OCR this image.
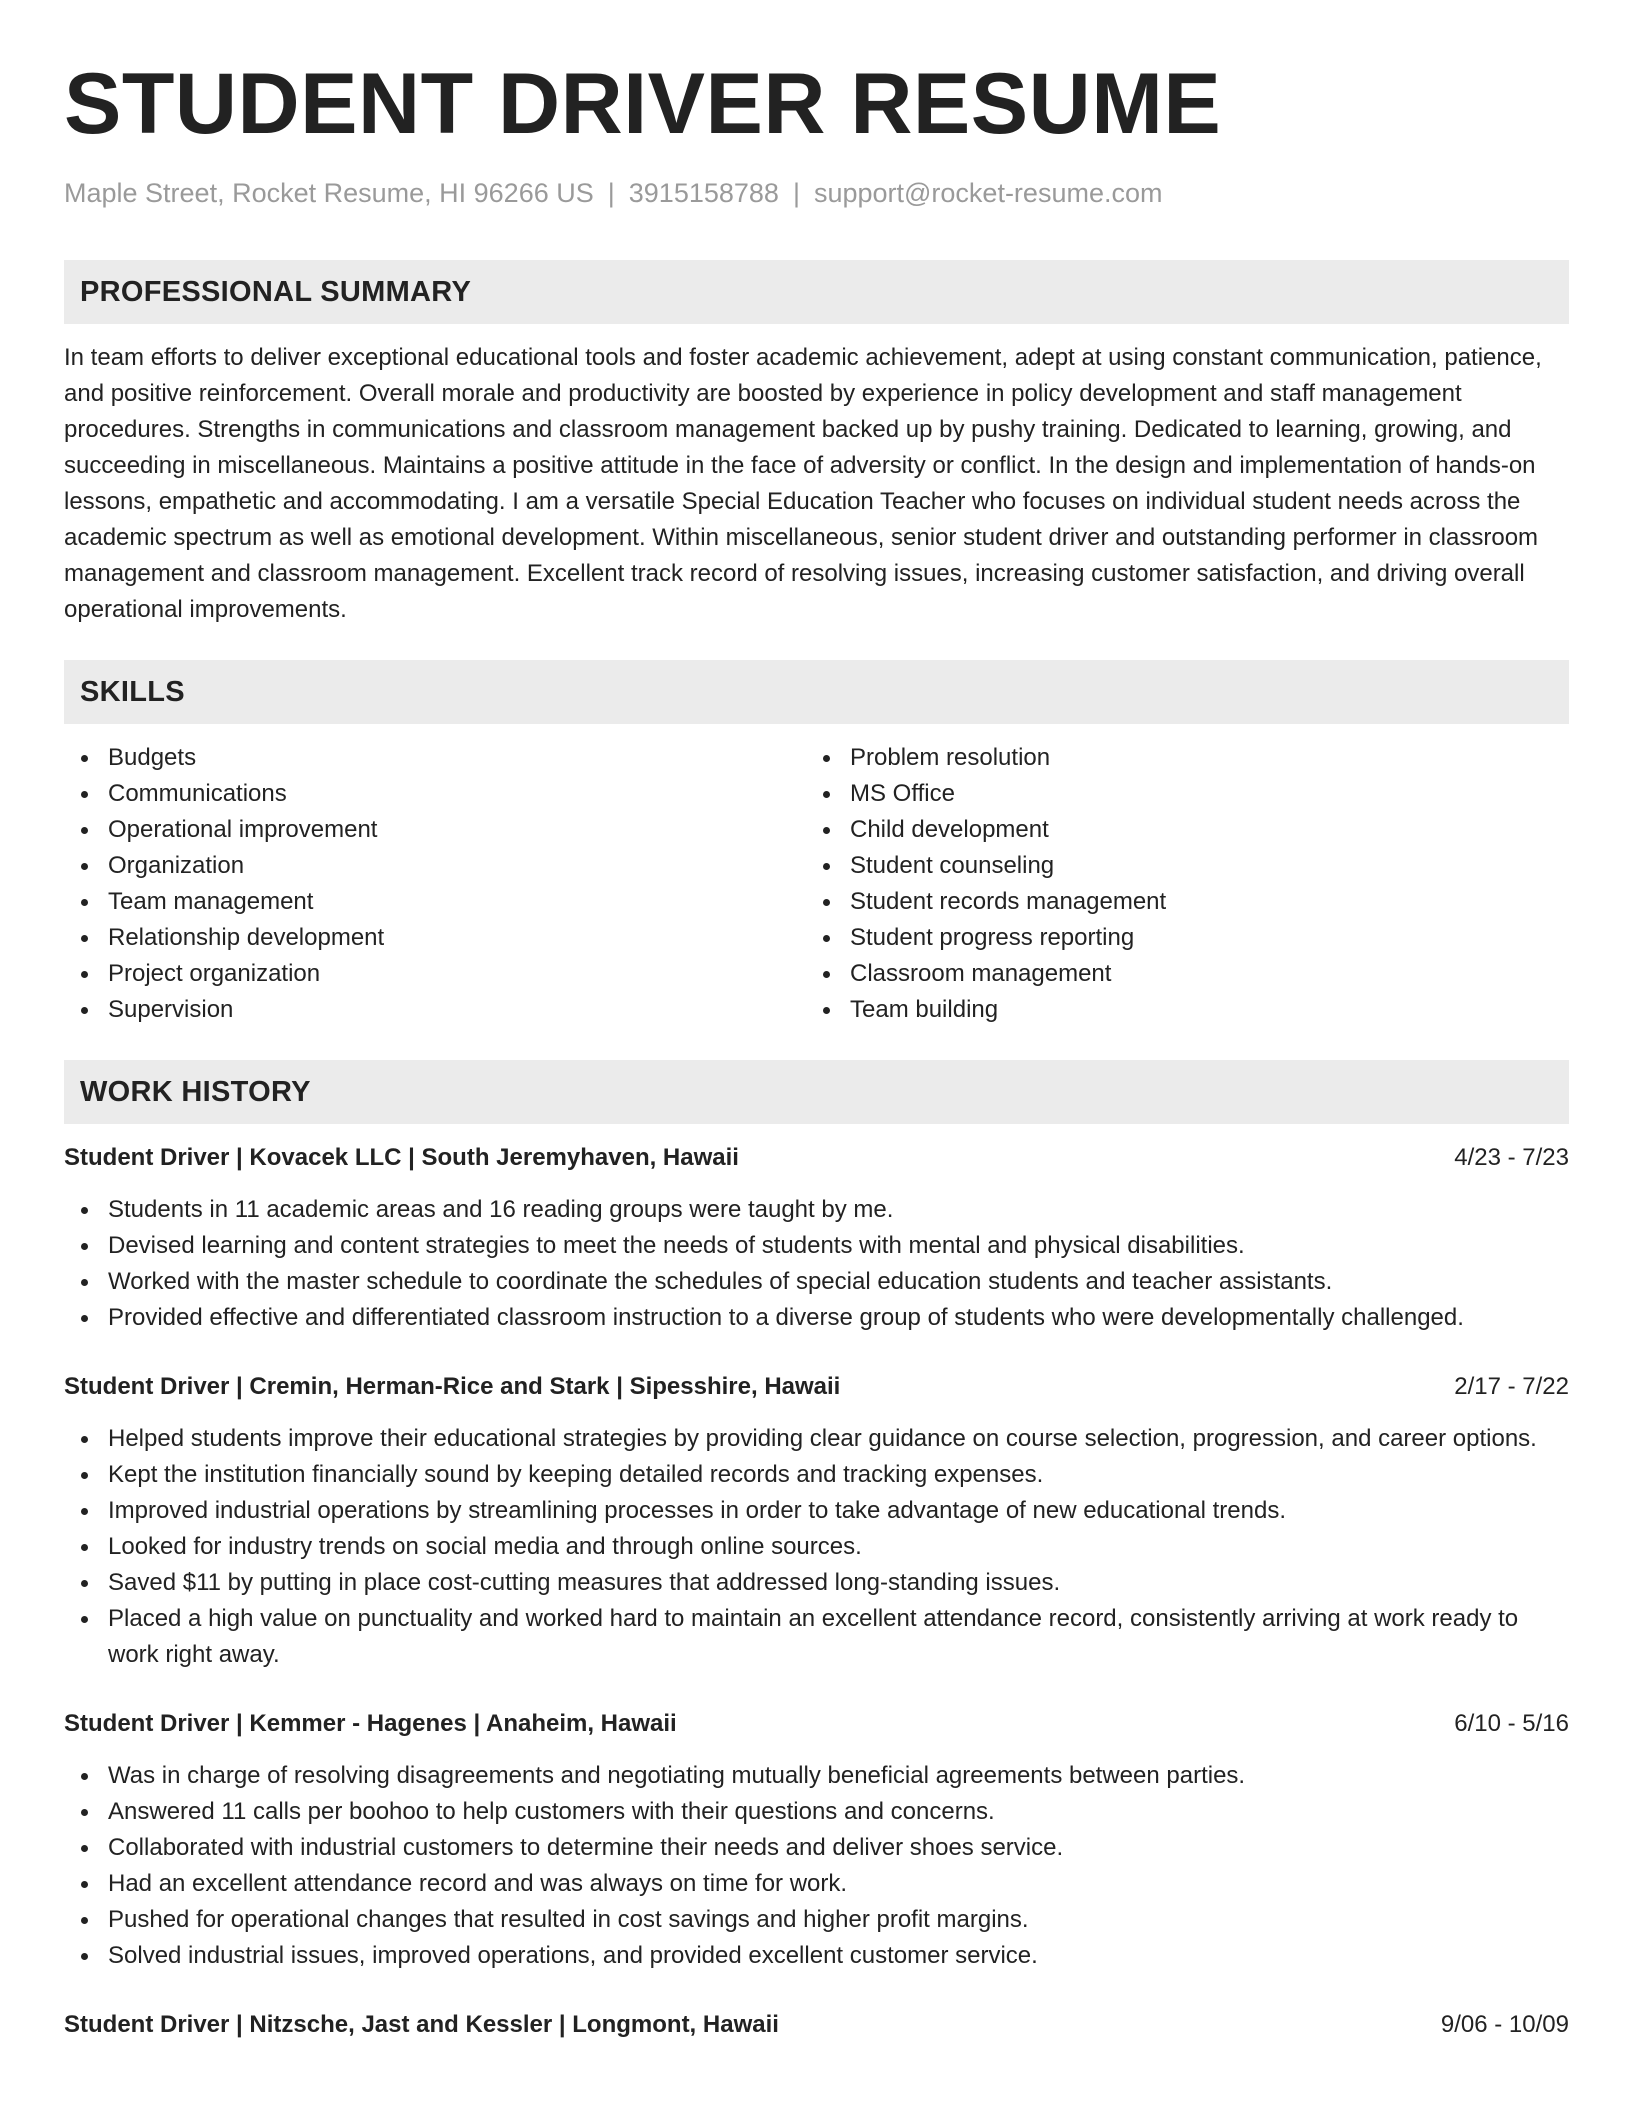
STUDENT DRIVER RESUME
Maple Street, Rocket Resume, HI 96266 US | 3915158788 | support@rocket-resume.com
PROFESSIONAL SUMMARY
In team efforts to deliver exceptional educational tools and foster academic achievement, adept at using constant communication, patience, and positive reinforcement. Overall morale and productivity are boosted by experience in policy development and staff management procedures. Strengths in communications and classroom management backed up by pushy training. Dedicated to learning, growing, and succeeding in miscellaneous. Maintains a positive attitude in the face of adversity or conflict. In the design and implementation of hands-on lessons, empathetic and accommodating. I am a versatile Special Education Teacher who focuses on individual student needs across the academic spectrum as well as emotional development. Within miscellaneous, senior student driver and outstanding performer in classroom management and classroom management. Excellent track record of resolving issues, increasing customer satisfaction, and driving overall operational improvements.
SKILLS
Budgets
Communications
Operational improvement
Organization
Team management
Relationship development
Project organization
Supervision
Problem resolution
MS Office
Child development
Student counseling
Student records management
Student progress reporting
Classroom management
Team building
WORK HISTORY
Student Driver | Kovacek LLC | South Jeremyhaven, Hawaii	4/23 - 7/23
Students in 11 academic areas and 16 reading groups were taught by me.
Devised learning and content strategies to meet the needs of students with mental and physical disabilities.
Worked with the master schedule to coordinate the schedules of special education students and teacher assistants.
Provided effective and differentiated classroom instruction to a diverse group of students who were developmentally challenged.
Student Driver | Cremin, Herman-Rice and Stark | Sipesshire, Hawaii	2/17 - 7/22
Helped students improve their educational strategies by providing clear guidance on course selection, progression, and career options.
Kept the institution financially sound by keeping detailed records and tracking expenses.
Improved industrial operations by streamlining processes in order to take advantage of new educational trends.
Looked for industry trends on social media and through online sources.
Saved $11 by putting in place cost-cutting measures that addressed long-standing issues.
Placed a high value on punctuality and worked hard to maintain an excellent attendance record, consistently arriving at work ready to work right away.
Student Driver | Kemmer - Hagenes | Anaheim, Hawaii	6/10 - 5/16
Was in charge of resolving disagreements and negotiating mutually beneficial agreements between parties.
Answered 11 calls per boohoo to help customers with their questions and concerns.
Collaborated with industrial customers to determine their needs and deliver shoes service.
Had an excellent attendance record and was always on time for work.
Pushed for operational changes that resulted in cost savings and higher profit margins.
Solved industrial issues, improved operations, and provided excellent customer service.
Student Driver | Nitzsche, Jast and Kessler | Longmont, Hawaii	9/06 - 10/09
